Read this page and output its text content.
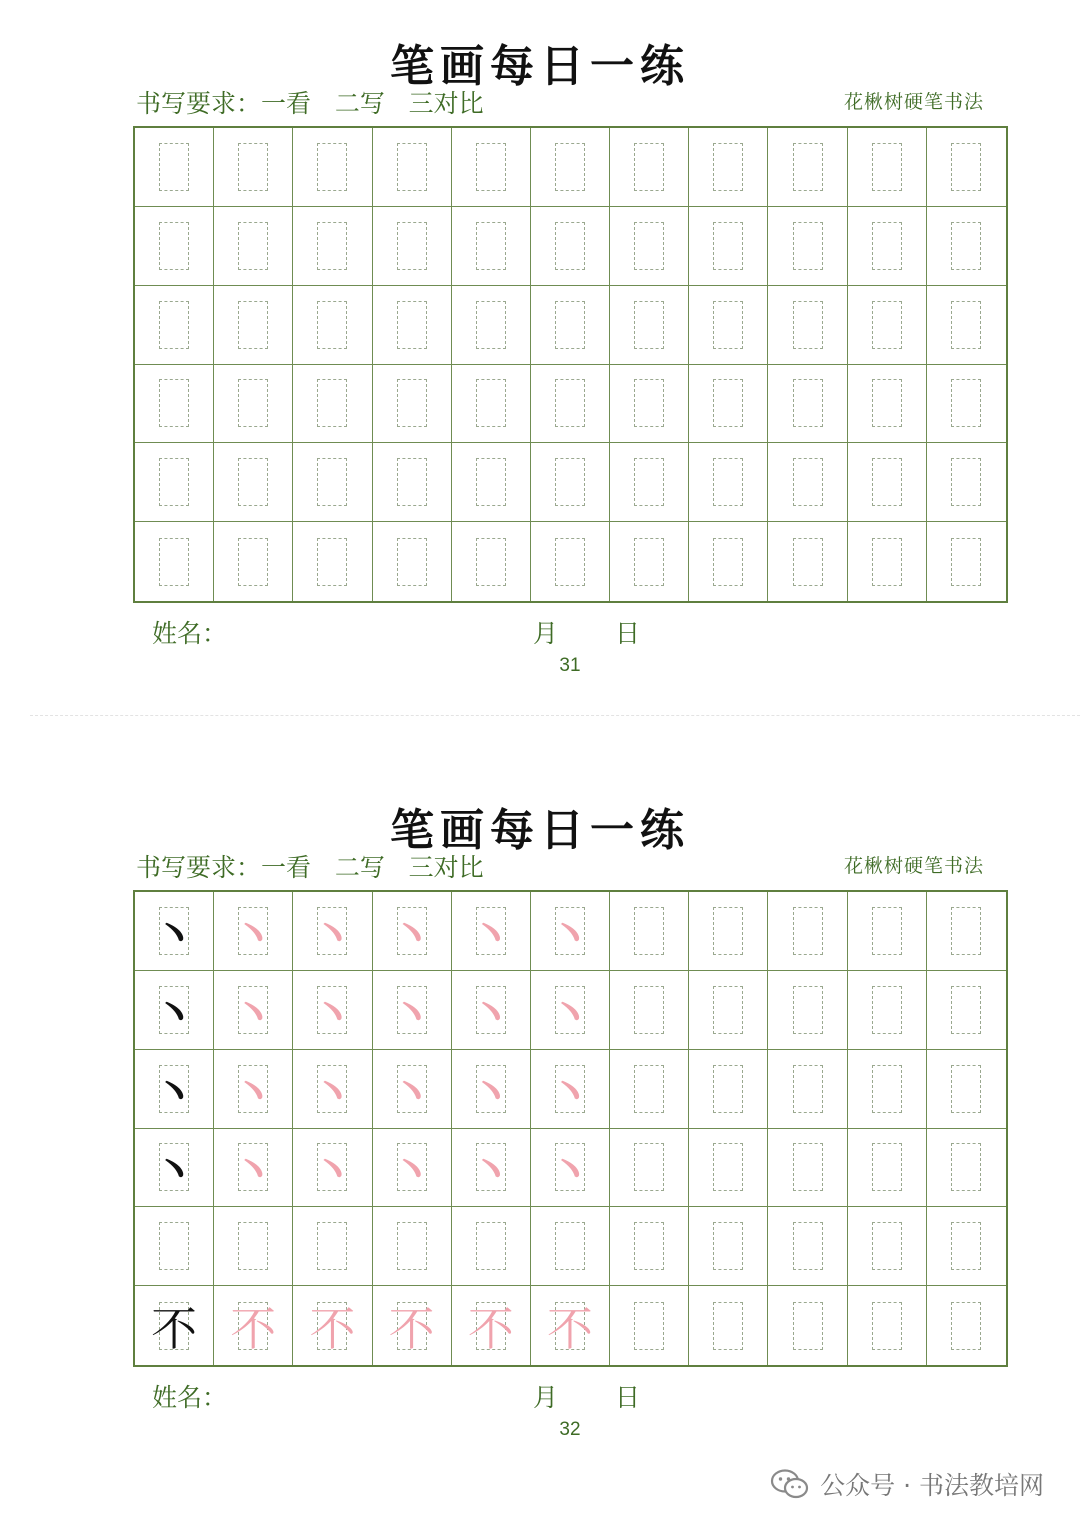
笔画每日一练
书写要求：一看   二写   三对比	花楸树硬笔书法
姓名：	月 日
31
笔画每日一练
书写要求：一看   二写   三对比	花楸树硬笔书法
丶 丶 丶 丶 丶 丶
丶 丶 丶 丶 丶 丶
丶 丶 丶 丶 丶 丶
丶 丶 丶 丶 丶 丶
不 不 不 不 不 不
姓名：	月 日
32
公众号 · 书法教培网
